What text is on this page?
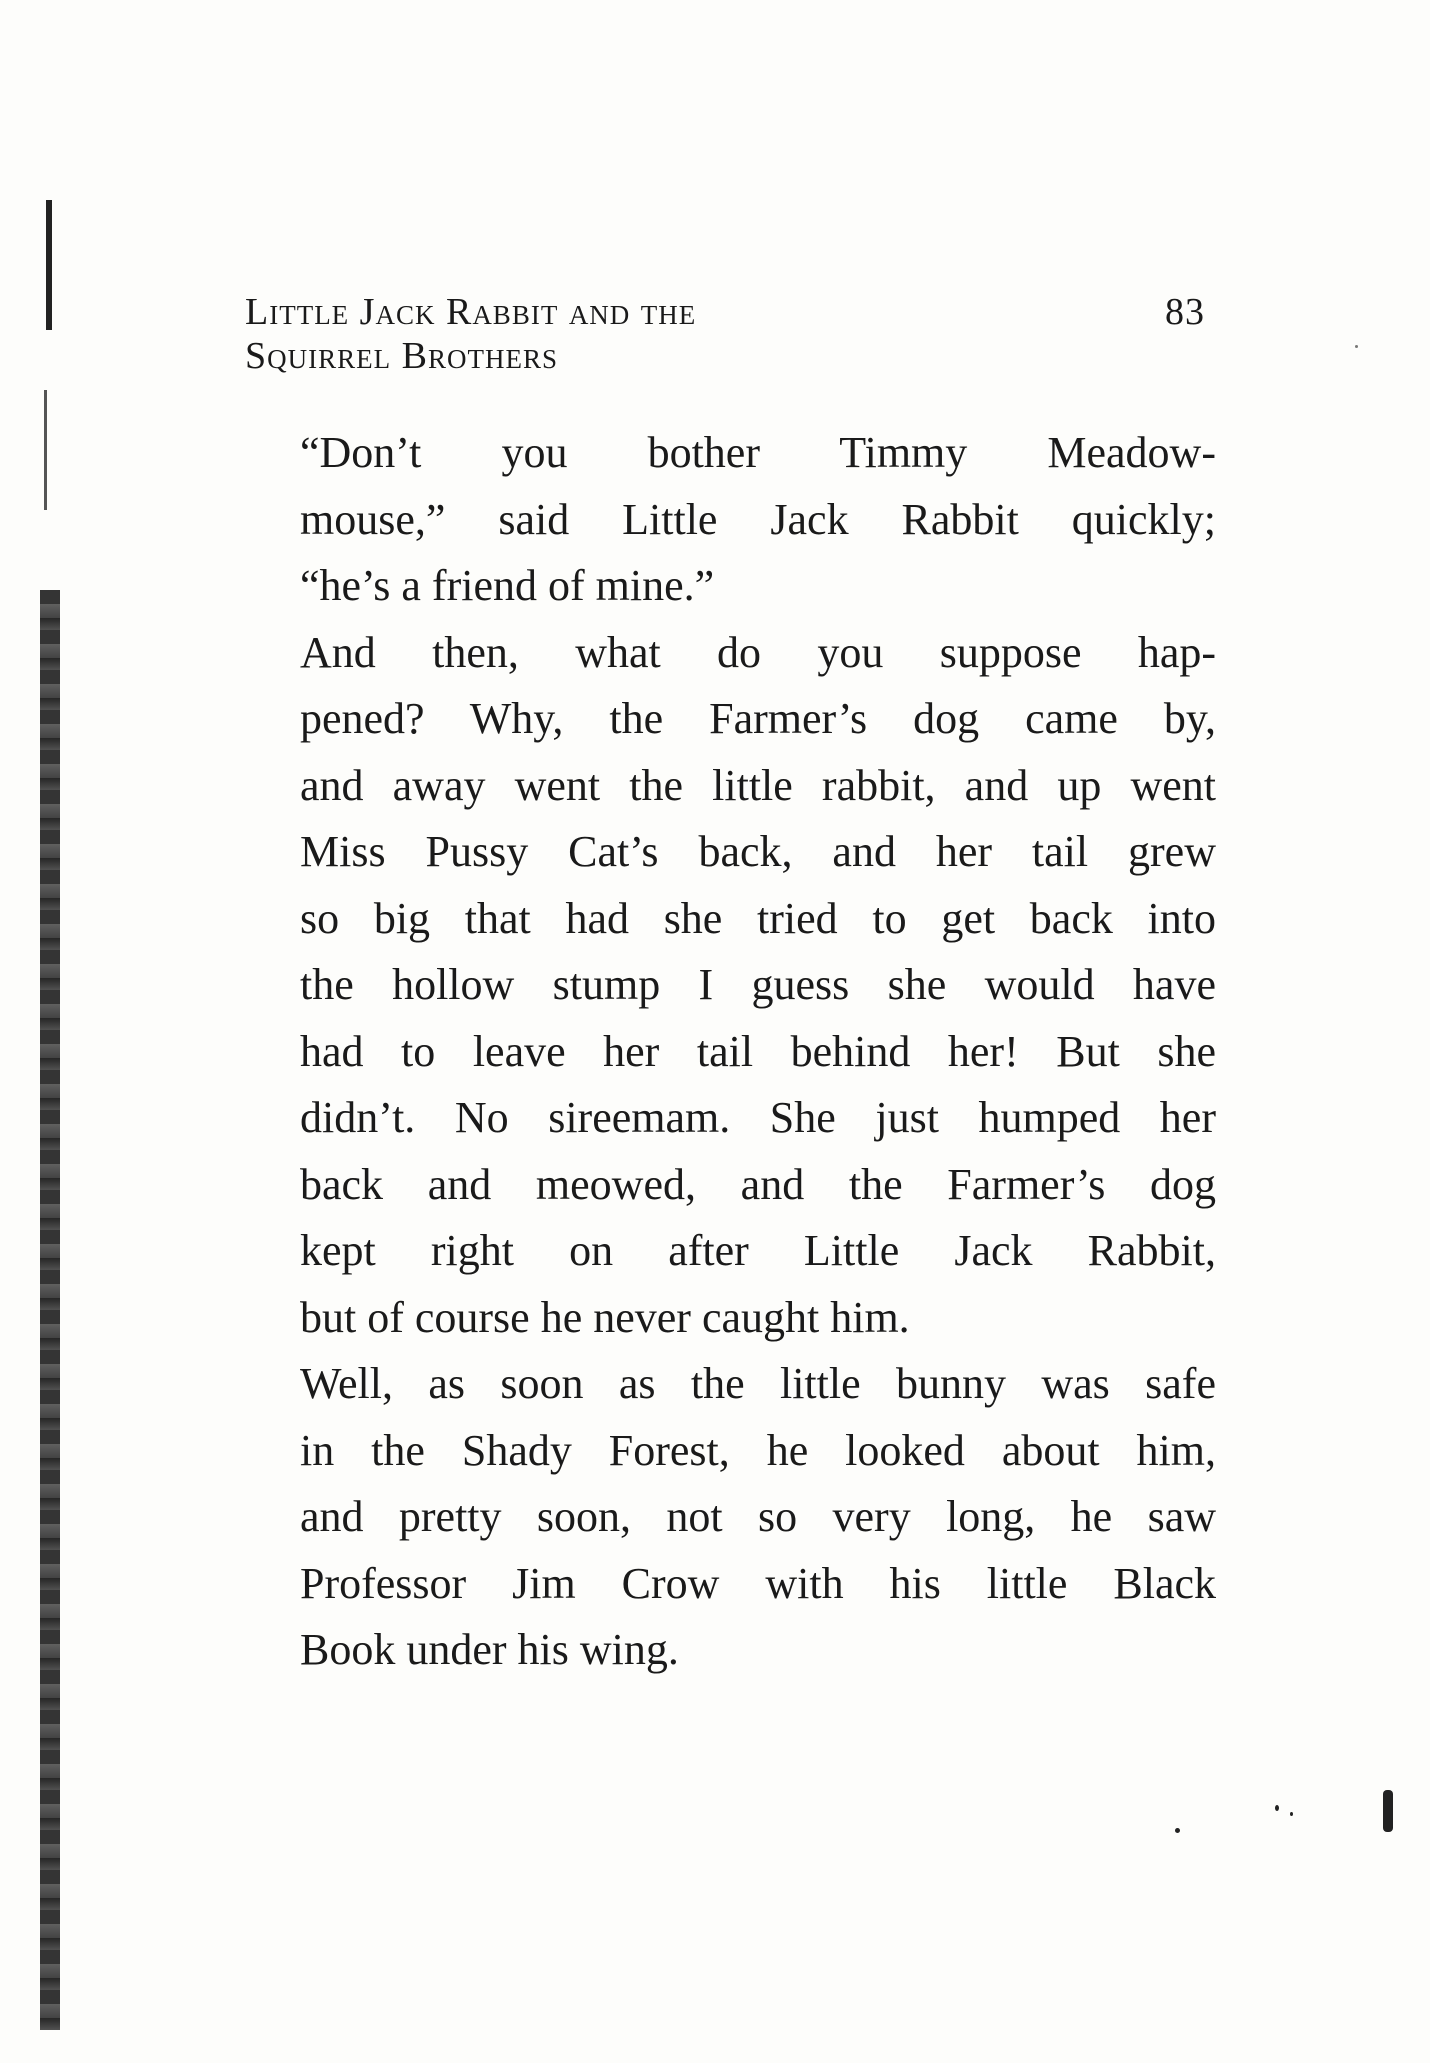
Little Jack Rabbit and the
Squirrel Brothers
83

“Don’t you bother Timmy Meadow-
mouse,” said Little Jack Rabbit quickly;
“he’s a friend of mine.”

And then, what do you suppose hap-
pened? Why, the Farmer’s dog came by,
and away went the little rabbit, and up went
Miss Pussy Cat’s back, and her tail grew
so big that had she tried to get back into
the hollow stump I guess she would have
had to leave her tail behind her! But she
didn’t. No sireemam. She just humped her
back and meowed, and the Farmer’s dog
kept right on after Little Jack Rabbit,
but of course he never caught him.

Well, as soon as the little bunny was safe
in the Shady Forest, he looked about him,
and pretty soon, not so very long, he saw
Professor Jim Crow with his little Black
Book under his wing.
